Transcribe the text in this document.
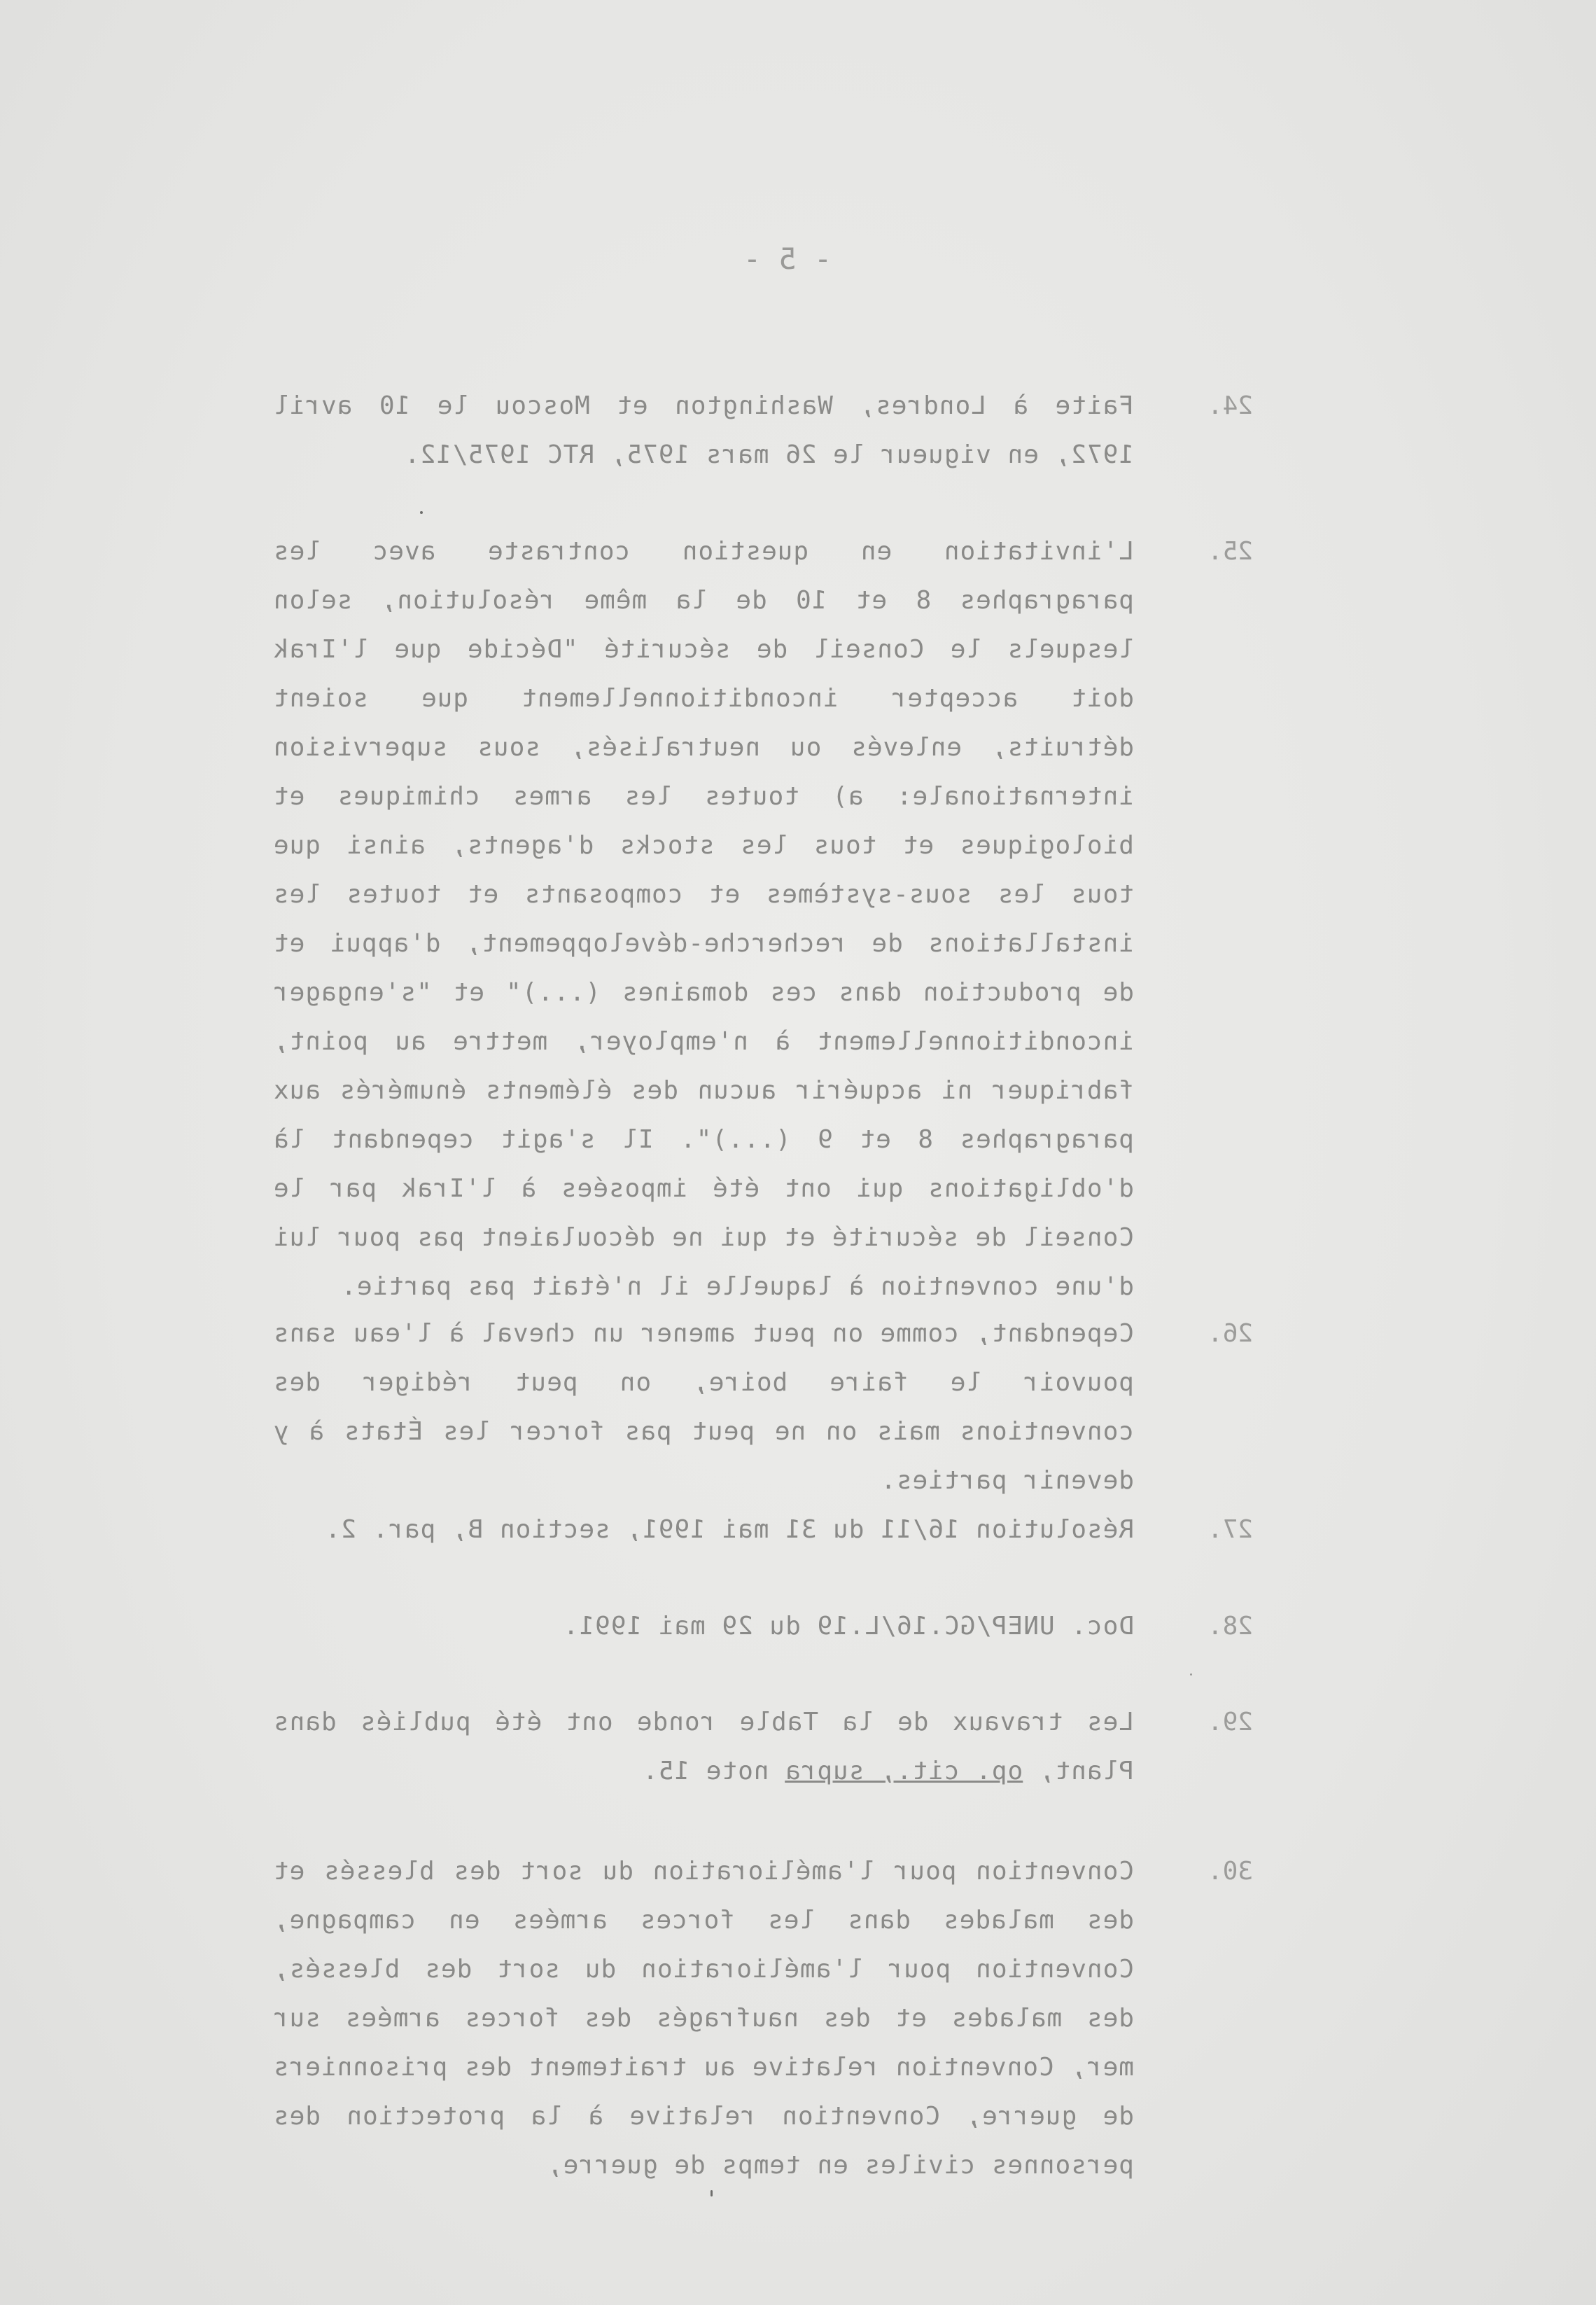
- 5 -
24.
Faite à Londres, Washington et Moscou le 10 avril 1972, en vigueur le 26 mars 1975, RTC 1975/12.
25.
L'invitation en question contraste avec les paragraphes 8 et 10 de la même résolution, selon lesquels le Conseil de sécurité "Décide que l'Irak doit accepter inconditionnellement que soient détruits, enlevés ou neutralisés, sous supervision internationale: a) toutes les armes chimiques et biologiques et tous les stocks d'agents, ainsi que tous les sous-systèmes et composants et toutes les installations de recherche-développement, d'appui et de production dans ces domaines (...)" et "s'engager inconditionnellement à n'employer, mettre au point, fabriquer ni acquérir aucun des éléments énumérés aux paragraphes 8 et 9 (...)". Il s'agit cependant là d'obligations qui ont été imposées à l'Irak par le Conseil de sécurité et qui ne découlaient pas pour lui d'une convention à laquelle il n'était pas partie.
26.
Cependant, comme on peut amener un cheval à l'eau sans pouvoir le faire boire, on peut rédiger des conventions mais on ne peut pas forcer les États à y devenir parties.
27.
Résolution 16/11 du 31 mai 1991, section B, par. 2.
28.
Doc. UNEP/GC.16/L.19 du 29 mai 1991.
29.
Les travaux de la Table ronde ont été publiés dans Plant, op. cit., supra note 15.
30.
Convention pour l'amélioration du sort des blessés et des malades dans les forces armées en campagne, Convention pour l'amélioration du sort des blessés, des malades et des naufragés des forces armées sur mer, Convention relative au traitement des prisonniers de guerre, Convention relative à la protection des personnes civiles en temps de guerre,
